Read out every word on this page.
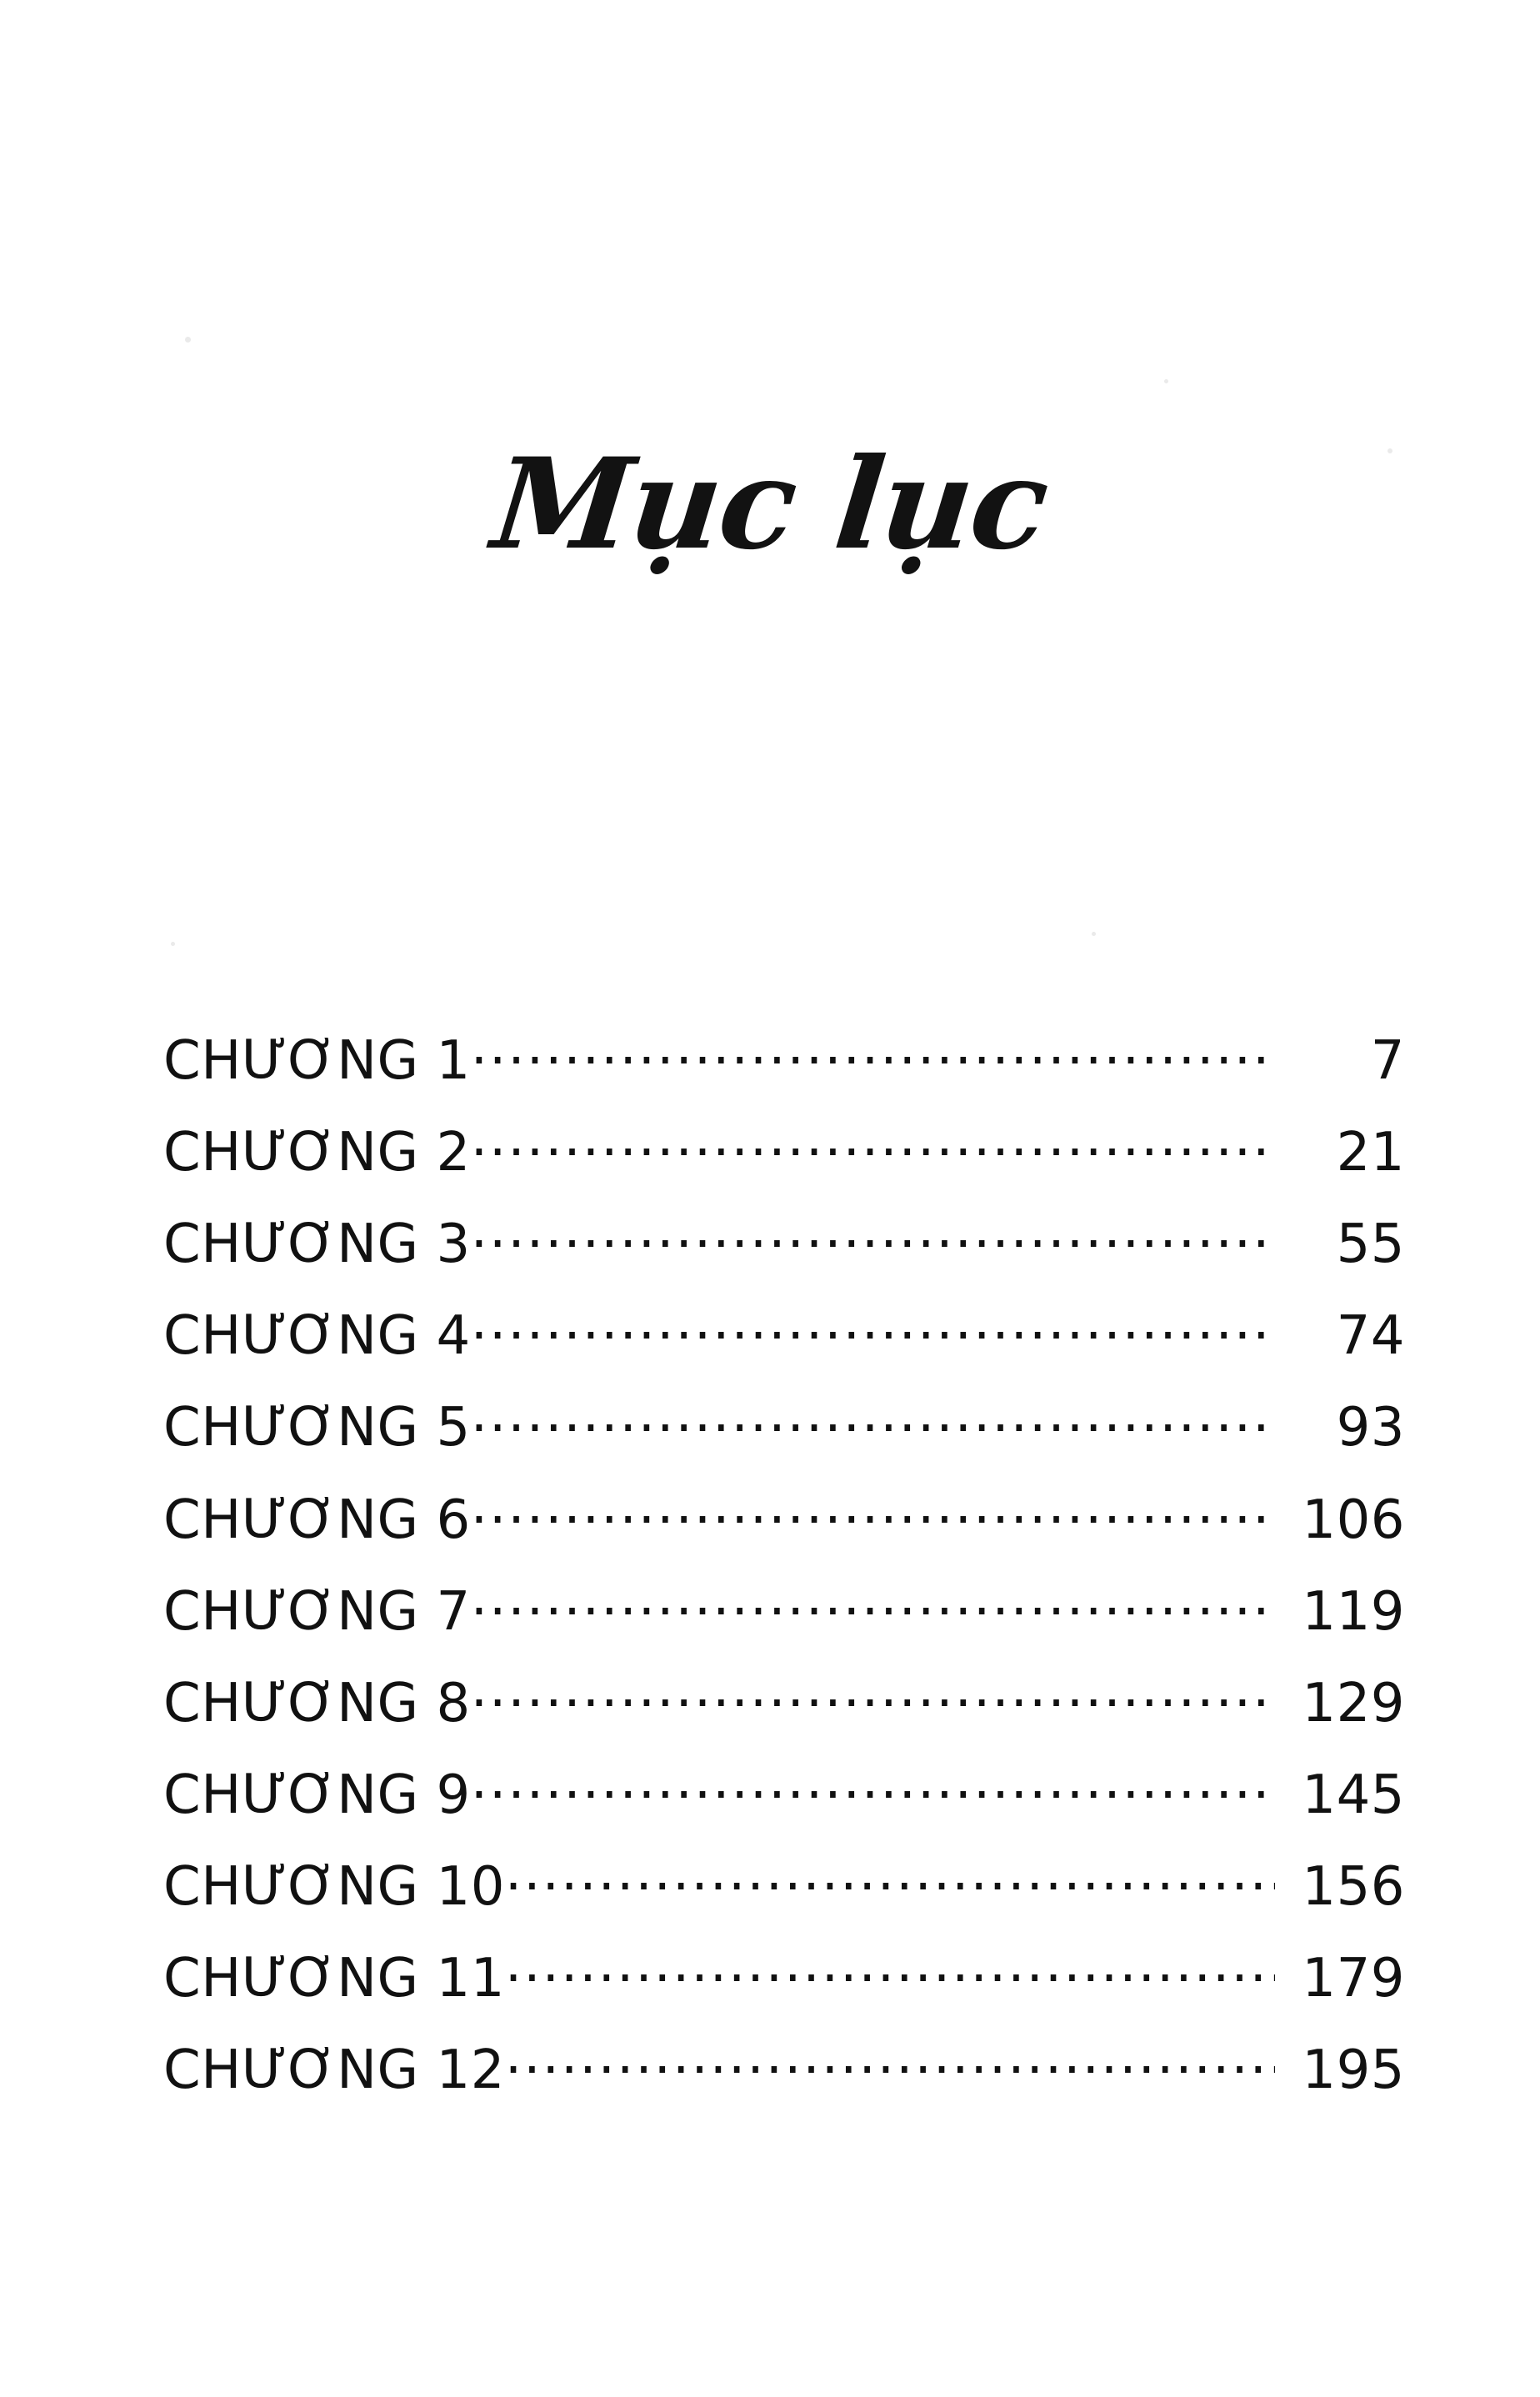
Mục lục
CHƯƠNG 1 .....	7
CHƯƠNG 2 .....	21
CHƯƠNG 3 .....	55
CHƯƠNG 4 .....	74
CHƯƠNG 5 .....	93
CHƯƠNG 6 .....	106
CHƯƠNG 7 .....	119
CHƯƠNG 8 .....	129
CHƯƠNG 9 .....	145
CHƯƠNG 10 .....	156
CHƯƠNG 11 .....	179
CHƯƠNG 12 .....	195
